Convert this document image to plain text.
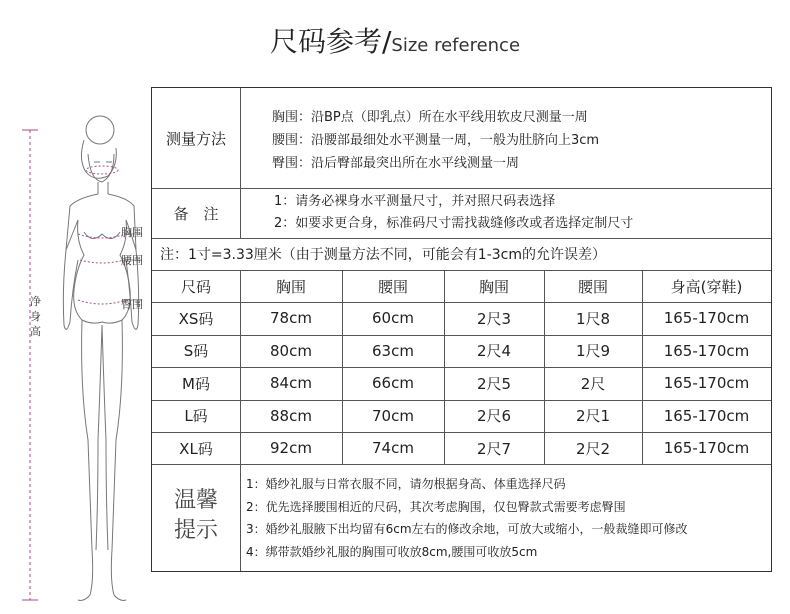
尺码参考/Size reference
胸围
腰围
臀围
净身高
测量方法
胸围：沿BP点（即乳点）所在水平线用软皮尺测量一周
腰围：沿腰部最细处水平测量一周，一般为肚脐向上3cm
臀围：沿后臀部最突出所在水平线测量一周
备　注
1：请务必裸身水平测量尺寸，并对照尺码表选择
2：如要求更合身，标准码尺寸需找裁缝修改或者选择定制尺寸
注：1寸=3.33厘米（由于测量方法不同，可能会有1-3cm的允许误差）
尺码	胸围	腰围	胸围	腰围	身高(穿鞋)
XS码	78cm	60cm	2尺3	1尺8	165-170cm
S码	80cm	63cm	2尺4	1尺9	165-170cm
M码	84cm	66cm	2尺5	2尺	165-170cm
L码	88cm	70cm	2尺6	2尺1	165-170cm
XL码	92cm	74cm	2尺7	2尺2	165-170cm
温馨
提示
1：婚纱礼服与日常衣服不同，请勿根据身高、体重选择尺码
2：优先选择腰围相近的尺码，其次考虑胸围，仅包臀款式需要考虑臀围
3：婚纱礼服腋下出均留有6cm左右的修改余地，可放大或缩小，一般裁缝即可修改
4：绑带款婚纱礼服的胸围可收放8cm,腰围可收放5cm
